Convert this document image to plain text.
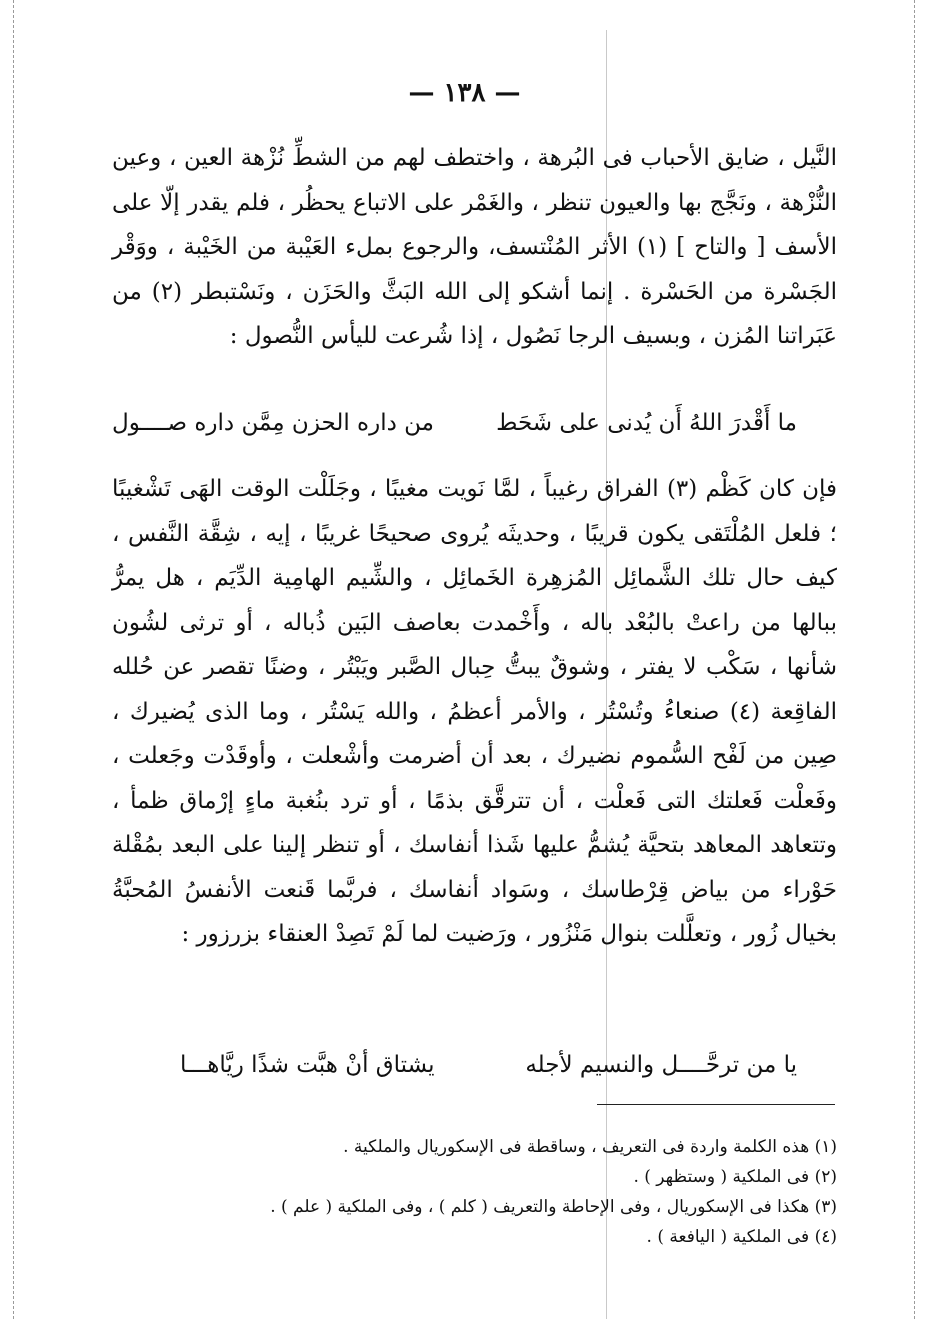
— ١٣٨ —

النَّيل ، ضايق الأحباب فى البُرهة ، واختطف لهم من الشطِّ نُزْهة العين ، وعين النُّزْهة ، ونَجَّج بها والعيون تنظر ، والغَمْر على الاتباع يحظُر ، فلم يقدر إلّا على الأسف [ والتاح ] (١) الأثر المُنْتسف، والرجوع بملء العَيْبة من الخَيْبة ، ووَقْر الجَسْرة من الحَسْرة . إنما أشكو إلى الله البَثَّ والحَزَن ، ونَسْتبطر (٢) من عَبَراتنا المُزن ، وبسيف الرجا نَصُول ، إذا شُرعت لليأس النُّصول :

ما أَقْدرَ اللهُ أَن يُدنى على شَحَط
من داره الحزن مِمَّن داره صــــول

فإن كان كَظْم (٣) الفراق رغيباً ، لمَّا نَويت مغيبًا ، وجَلَلْت الوقت الهَى تَشْغيبًا ؛ فلعل المُلْتَقى يكون قريبًا ، وحديثَه يُروى صحيحًا غريبًا ، إيه ، شِقَّة النَّفس ، كيف حال تلك الشَّمائِل المُزهِرة الخَمائِل ، والشِّيم الهامِية الدِّيَم ، هل يمرُّ ببالها من راعتْ بالبُعْد باله ، وأَخْمدت بعاصف البَين ذُباله ، أو ترثى لشُون شأنها ، سَكْب لا يفتر ، وشوقٌ يبتُّ حِبال الصَّبر ويَبْتُر ، وضنًا تقصر عن حُلله الفاقِعة (٤) صنعاءُ وتُسْتُر ، والأمر أعظمُ ، والله يَسْتُر ، وما الذى يُضيرك ، صِين من لَفْح السُّموم نضيرك ، بعد أن أضرمت وأشْعلت ، وأوقَدْت وجَعلت ، وفَعلْت فَعلتك التى فَعلْت ، أن تترقَّق بذمًا ، أو ترد بنُغبة ماءٍ إرْماق ظمأ ، وتتعاهد المعاهد بتحيَّة يُشمُّ عليها شَذا أنفاسك ، أو تنظر إلينا على البعد بمُقْلة حَوْراء من بياض قِرْطاسك ، وسَواد أنفاسك ، فربَّما قَنعت الأنفسُ المُحبَّةُ بخيال زُور ، وتعلَّلت بنوال مَنْزُور ، ورَضيت لما لَمْ تَصِدْ العنقاء بزرزور :

يا من ترحَّــــل والنسيم لأجله
يشتاق أنْ هبَّت شذًا ريَّاهـــا
(١) هذه الكلمة واردة فى التعريف ، وساقطة فى الإسكوريال والملكية .
(٢) فى الملكية ( وستظهر ) .
(٣) هكذا فى الإسكوريال ، وفى الإحاطة والتعريف ( كلم ) ، وفى الملكية ( علم ) .
(٤) فى الملكية ( اليافعة ) .
